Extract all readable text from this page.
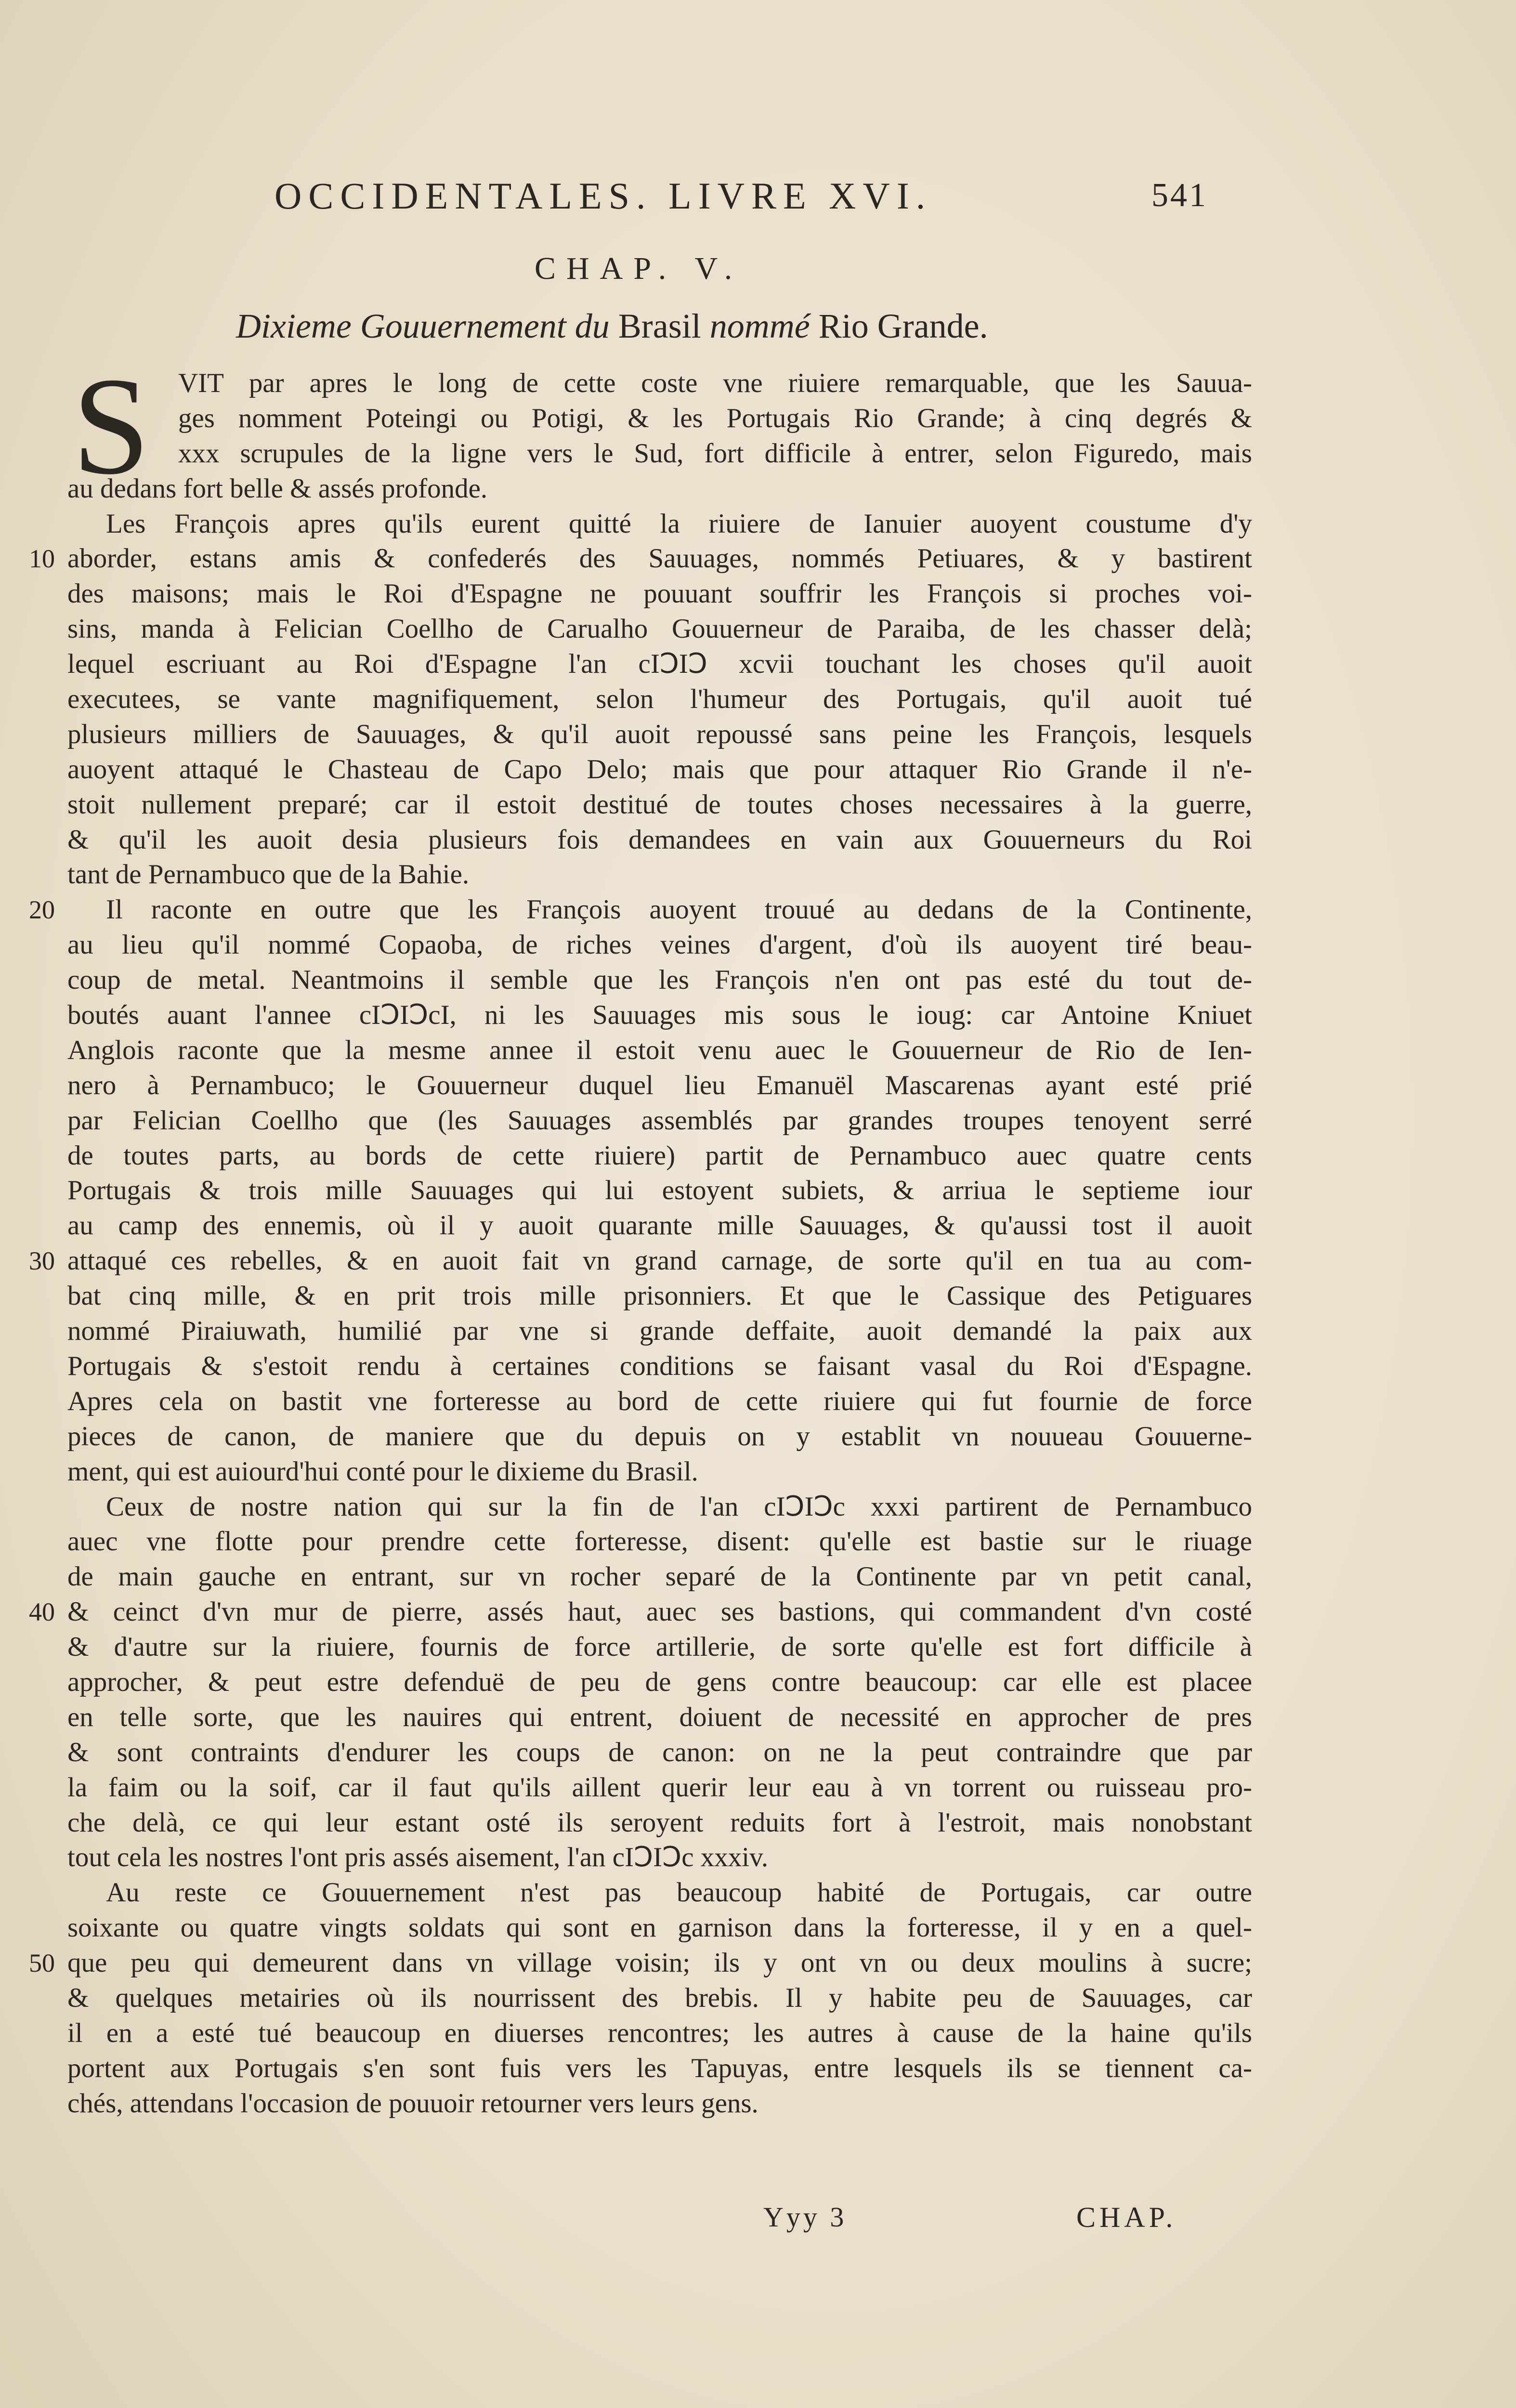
OCCIDENTALES. LIVRE XVI.	541
CHAP. V.
Dixieme Gouuernement du Brasil nommé Rio Grande.
S VIT par apres le long de cette coste vne riuiere remarquable, que les Sauua-
ges nomment Poteingi ou Potigi, & les Portugais Rio Grande; à cinq degrés &
xxx scrupules de la ligne vers le Sud, fort difficile à entrer, selon Figuredo, mais
au dedans fort belle & assés profonde.
Les François apres qu'ils eurent quitté la riuiere de Ianuier auoyent coustume d'y
10 aborder, estans amis & confederés des Sauuages, nommés Petiuares, & y bastirent
des maisons; mais le Roi d'Espagne ne pouuant souffrir les François si proches voi-
sins, manda à Felician Coellho de Carualho Gouuerneur de Paraiba, de les chasser delà;
lequel escriuant au Roi d'Espagne l'an cIↃIↃ xcvii touchant les choses qu'il auoit
executees, se vante magnifiquement, selon l'humeur des Portugais, qu'il auoit tué
plusieurs milliers de Sauuages, & qu'il auoit repoussé sans peine les François, lesquels
auoyent attaqué le Chasteau de Capo Delo; mais que pour attaquer Rio Grande il n'e-
stoit nullement preparé; car il estoit destitué de toutes choses necessaires à la guerre,
& qu'il les auoit desia plusieurs fois demandees en vain aux Gouuerneurs du Roi
tant de Pernambuco que de la Bahie.
20 Il raconte en outre que les François auoyent trouué au dedans de la Continente,
au lieu qu'il nommé Copaoba, de riches veines d'argent, d'où ils auoyent tiré beau-
coup de metal. Neantmoins il semble que les François n'en ont pas esté du tout de-
boutés auant l'annee cIↃIↃcI, ni les Sauuages mis sous le ioug: car Antoine Kniuet
Anglois raconte que la mesme annee il estoit venu auec le Gouuerneur de Rio de Ien-
nero à Pernambuco; le Gouuerneur duquel lieu Emanuël Mascarenas ayant esté prié
par Felician Coellho que (les Sauuages assemblés par grandes troupes tenoyent serré
de toutes parts, au bords de cette riuiere) partit de Pernambuco auec quatre cents
Portugais & trois mille Sauuages qui lui estoyent subiets, & arriua le septieme iour
au camp des ennemis, où il y auoit quarante mille Sauuages, & qu'aussi tost il auoit
30 attaqué ces rebelles, & en auoit fait vn grand carnage, de sorte qu'il en tua au com-
bat cinq mille, & en prit trois mille prisonniers. Et que le Cassique des Petiguares
nommé Piraiuwath, humilié par vne si grande deffaite, auoit demandé la paix aux
Portugais & s'estoit rendu à certaines conditions se faisant vasal du Roi d'Espagne.
Apres cela on bastit vne forteresse au bord de cette riuiere qui fut fournie de force
pieces de canon, de maniere que du depuis on y establit vn nouueau Gouuerne-
ment, qui est auiourd'hui conté pour le dixieme du Brasil.
Ceux de nostre nation qui sur la fin de l'an cIↃIↃc xxxi partirent de Pernambuco
auec vne flotte pour prendre cette forteresse, disent: qu'elle est bastie sur le riuage
de main gauche en entrant, sur vn rocher separé de la Continente par vn petit canal,
40 & ceinct d'vn mur de pierre, assés haut, auec ses bastions, qui commandent d'vn costé
& d'autre sur la riuiere, fournis de force artillerie, de sorte qu'elle est fort difficile à
approcher, & peut estre defenduë de peu de gens contre beaucoup: car elle est placee
en telle sorte, que les nauires qui entrent, doiuent de necessité en approcher de pres
& sont contraints d'endurer les coups de canon: on ne la peut contraindre que par
la faim ou la soif, car il faut qu'ils aillent querir leur eau à vn torrent ou ruisseau pro-
che delà, ce qui leur estant osté ils seroyent reduits fort à l'estroit, mais nonobstant
tout cela les nostres l'ont pris assés aisement, l'an cIↃIↃc xxxiv.
Au reste ce Gouuernement n'est pas beaucoup habité de Portugais, car outre
soixante ou quatre vingts soldats qui sont en garnison dans la forteresse, il y en a quel-
50 que peu qui demeurent dans vn village voisin; ils y ont vn ou deux moulins à sucre;
& quelques metairies où ils nourrissent des brebis. Il y habite peu de Sauuages, car
il en a esté tué beaucoup en diuerses rencontres; les autres à cause de la haine qu'ils
portent aux Portugais s'en sont fuis vers les Tapuyas, entre lesquels ils se tiennent ca-
chés, attendans l'occasion de pouuoir retourner vers leurs gens.
Yyy 3	CHAP.
